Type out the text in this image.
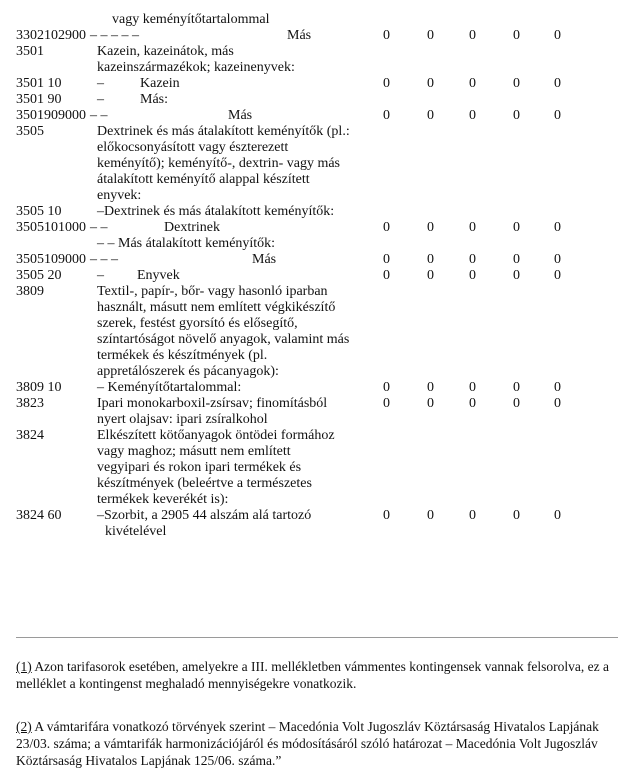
vagy keményítőtartalommal
3302102900 – – – – –	Más	0	0	0	0 0
3501	Kazein, kazeinátok, más
kazeinszármazékok; kazeinenyvek:
3501 10	–	Kazein	0	0	0	0 0
3501 90	–	Más:
3501909000 – –	Más	0	0	0	0 0
3505	Dextrinek és más átalakított keményítők (pl.:
előkocsonyásított vagy észterezett
keményítő); keményítő-, dextrin- vagy más
átalakított keményítő alappal készített
enyvek:
3505 10	–Dextrinek és más átalakított keményítők:
3505101000 – –	Dextrinek	0	0	0	0 0
– – Más átalakított keményítők:
3505109000 – – –	Más	0	0	0	0 0
3505 20	– Enyvek	0	0	0	0 0
3809	Textil-, papír-, bőr- vagy hasonló iparban
használt, másutt nem említett végkikészítő
szerek, festést gyorsító és elősegítő,
színtartóságot növelő anyagok, valamint más
termékek és készítmények (pl.
appretálószerek és pácanyagok):
3809 10	– Keményítőtartalommal:	0	0	0	0 0
3823	Ipari monokarboxil-zsírsav; finomításból	0	0	0	0 0
nyert olajsav: ipari zsíralkohol
3824	Elkészített kötőanyagok öntödei formához
vagy maghoz; másutt nem említett
vegyipari és rokon ipari termékek és
készítmények (beleértve a természetes
termékek keverékét is):
3824 60	–Szorbit, a 2905 44 alszám alá tartozó	0	0	0	0 0
kivételével
(1) Azon tarifasorok esetében, amelyekre a III. mellékletben vámmentes kontingensek vannak felsorolva, ez a melléklet a kontingenst meghaladó mennyiségekre vonatkozik.
(2) A vámtarifára vonatkozó törvények szerint – Macedónia Volt Jugoszláv Köztársaság Hivatalos Lapjának 23/03. száma; a vámtarifák harmonizációjáról és módosításáról szóló határozat – Macedónia Volt Jugoszláv Köztársaság Hivatalos Lapjának 125/06. száma.”
